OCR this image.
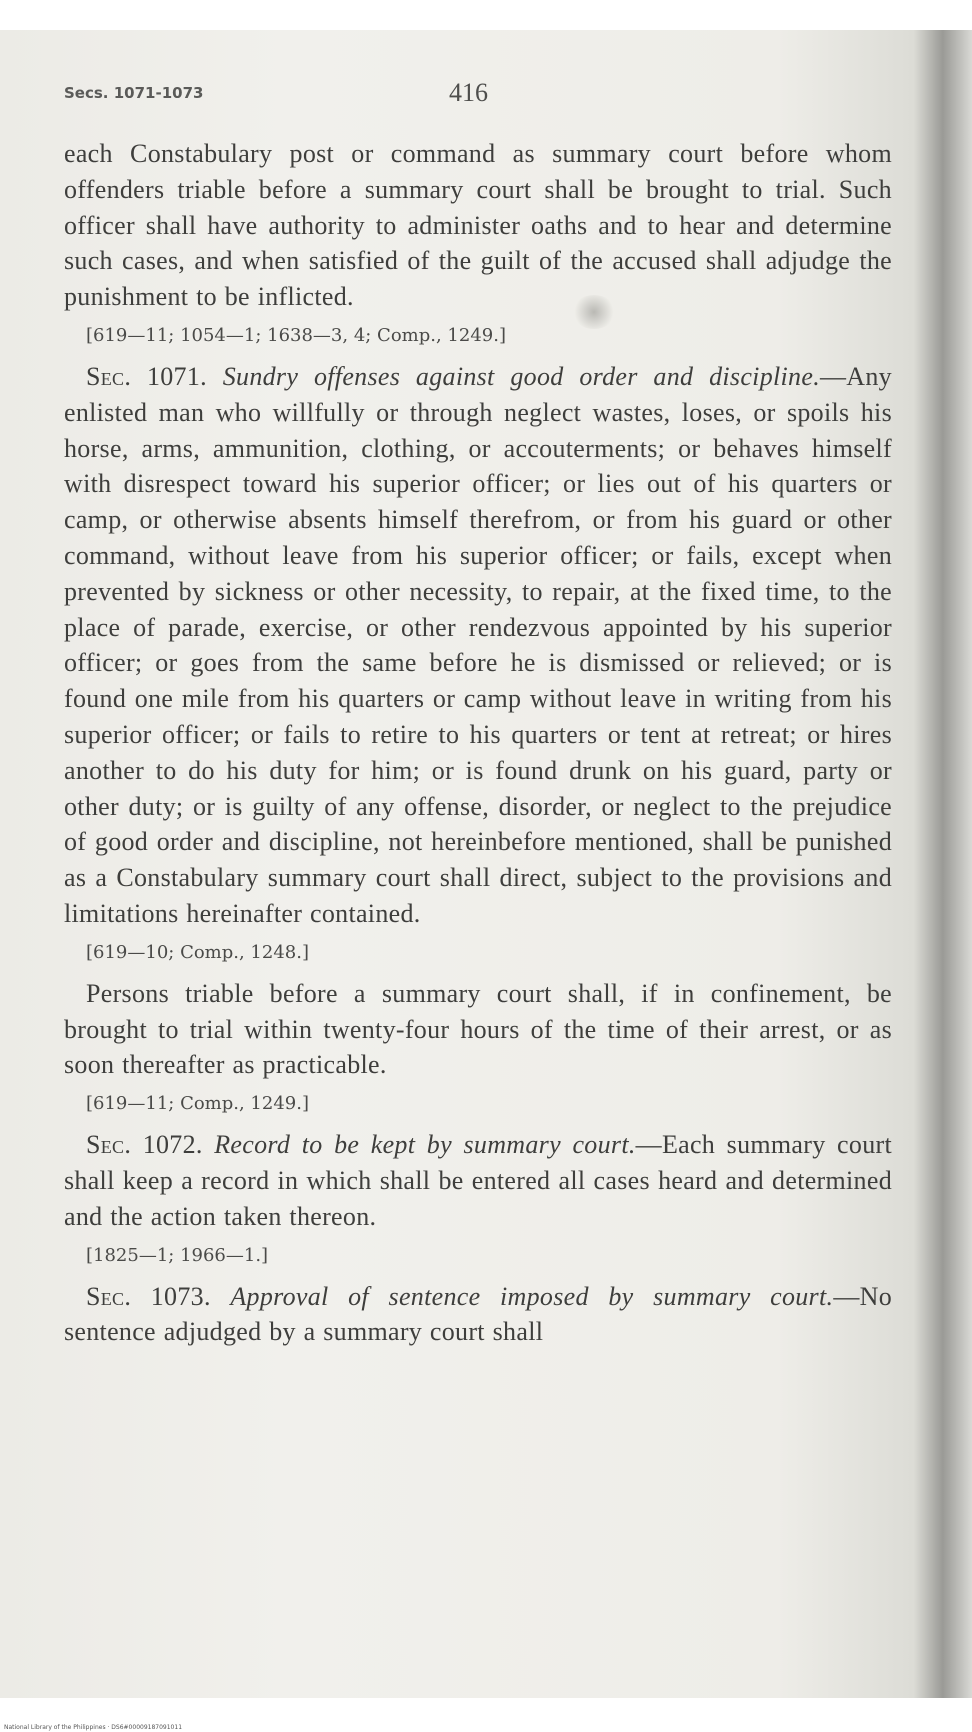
Secs. 1071-1073	416

each Constabulary post or command as summary court before whom offenders triable before a summary court shall be brought to trial. Such officer shall have authority to administer oaths and to hear and determine such cases, and when satisfied of the guilt of the accused shall adjudge the punishment to be inflicted.

[619—11; 1054—1; 1638—3, 4; Comp., 1249.]

Sec. 1071. Sundry offenses against good order and discipline.—Any enlisted man who willfully or through neglect wastes, loses, or spoils his horse, arms, ammunition, clothing, or accouterments; or behaves himself with disrespect toward his superior officer; or lies out of his quarters or camp, or otherwise absents himself therefrom, or from his guard or other command, without leave from his superior officer; or fails, except when prevented by sickness or other necessity, to repair, at the fixed time, to the place of parade, exercise, or other rendezvous appointed by his superior officer; or goes from the same before he is dismissed or relieved; or is found one mile from his quarters or camp without leave in writing from his superior officer; or fails to retire to his quarters or tent at retreat; or hires another to do his duty for him; or is found drunk on his guard, party or other duty; or is guilty of any offense, disorder, or neglect to the prejudice of good order and discipline, not hereinbefore mentioned, shall be punished as a Constabulary summary court shall direct, subject to the provisions and limitations hereinafter contained.

[619—10; Comp., 1248.]

Persons triable before a summary court shall, if in confinement, be brought to trial within twenty-four hours of the time of their arrest, or as soon thereafter as practicable.

[619—11; Comp., 1249.]

Sec. 1072. Record to be kept by summary court.—Each summary court shall keep a record in which shall be entered all cases heard and determined and the action taken thereon.

[1825—1; 1966—1.]

Sec. 1073. Approval of sentence imposed by summary court.—No sentence adjudged by a summary court shall

National Library of the Philippines · DS6#00009187091011
